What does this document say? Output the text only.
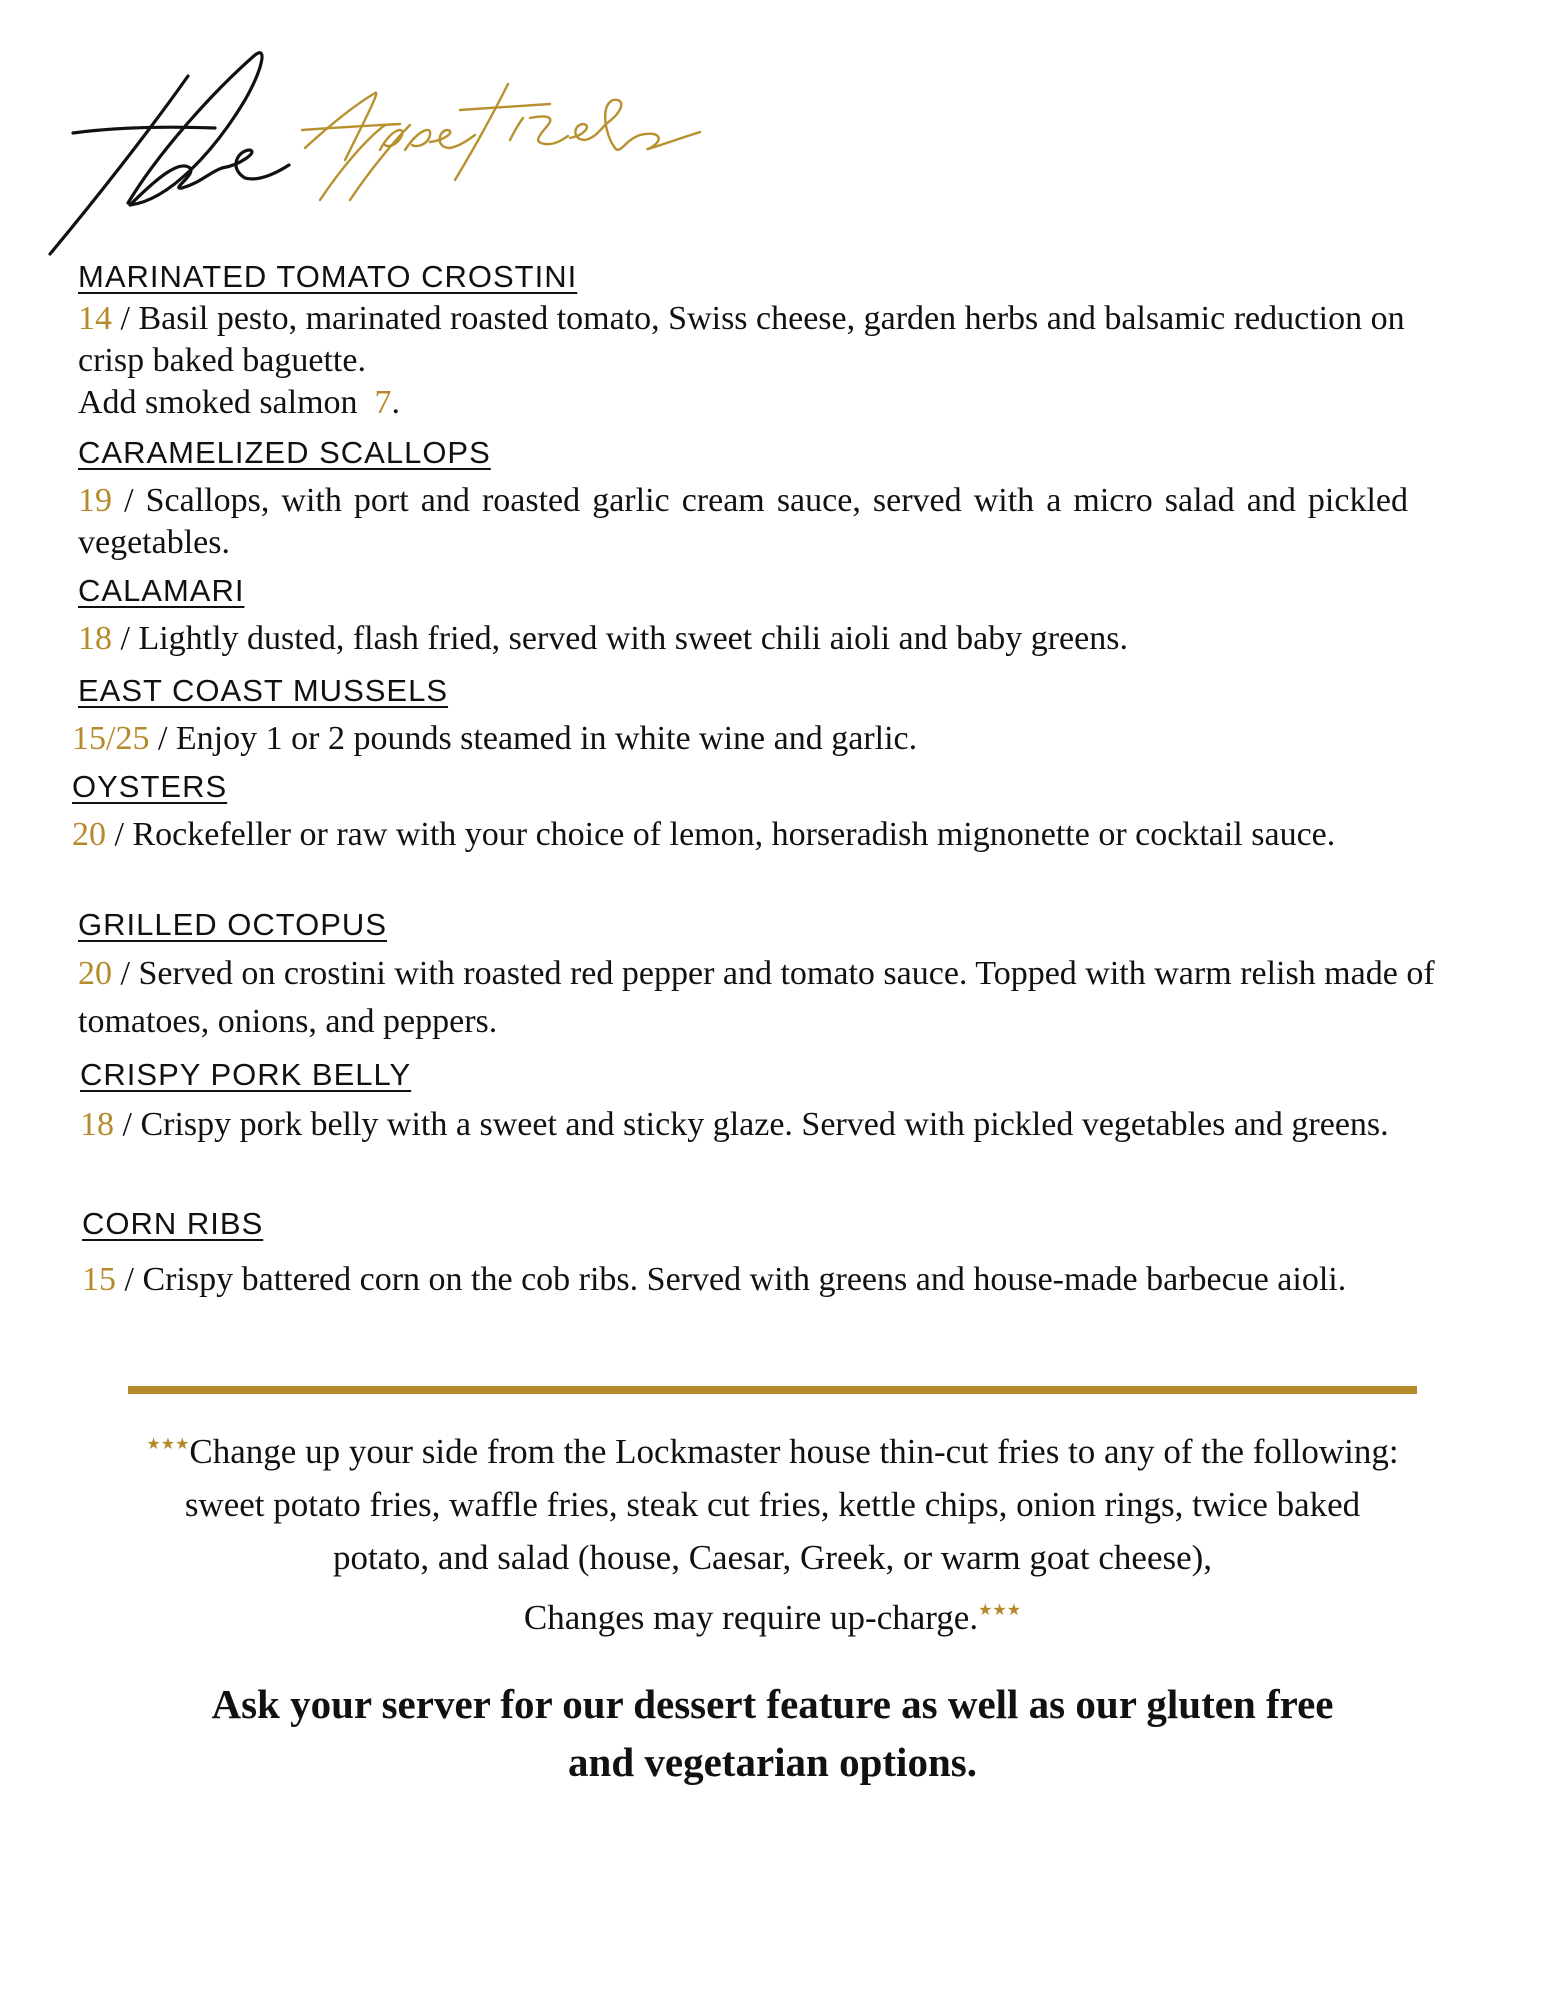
MARINATED TOMATO CROSTINI
14 / Basil pesto, marinated roasted tomato, Swiss cheese, garden herbs and balsamic reduction on crisp baked baguette.
Add smoked salmon 7.
CARAMELIZED SCALLOPS
19 / Scallops, with port and roasted garlic cream sauce, served with a micro salad and pickled vegetables.
CALAMARI
18 / Lightly dusted, flash fried, served with sweet chili aioli and baby greens.
EAST COAST MUSSELS
15/25 / Enjoy 1 or 2 pounds steamed in white wine and garlic.
OYSTERS
20 / Rockefeller or raw with your choice of lemon, horseradish mignonette or cocktail sauce.
GRILLED OCTOPUS
20 / Served on crostini with roasted red pepper and tomato sauce. Topped with warm relish made of tomatoes, onions, and peppers.
CRISPY PORK BELLY
18 / Crispy pork belly with a sweet and sticky glaze. Served with pickled vegetables and greens.
CORN RIBS
15 / Crispy battered corn on the cob ribs. Served with greens and house-made barbecue aioli.
★★★Change up your side from the Lockmaster house thin-cut fries to any of the following:
sweet potato fries, waffle fries, steak cut fries, kettle chips, onion rings, twice baked
potato, and salad (house, Caesar, Greek, or warm goat cheese),
Changes may require up-charge.★★★
Ask your server for our dessert feature as well as our gluten free
and vegetarian options.
